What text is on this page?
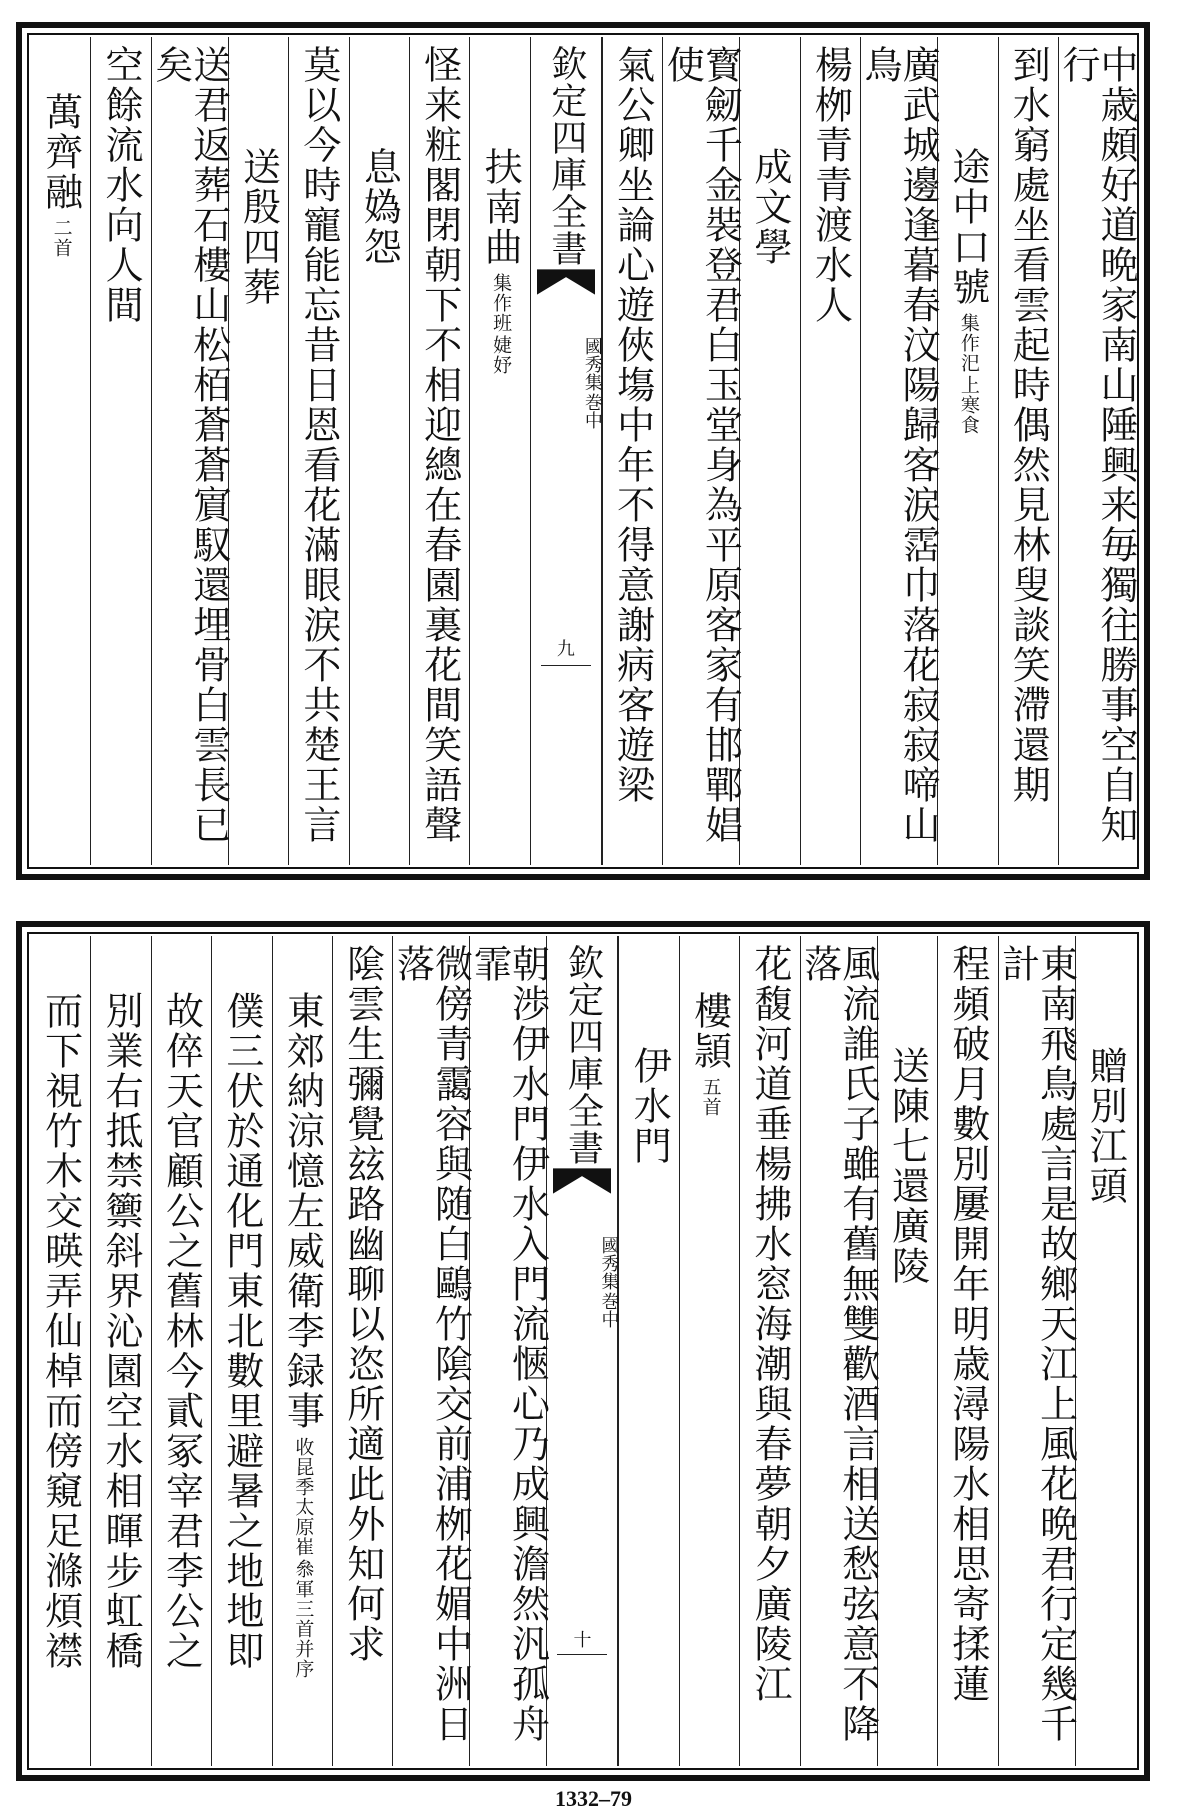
中歳頗好道晩家南山陲興来毎獨往勝事空自知行
到水窮處坐看雲起時偶然見林叟談笑滯還期
途中口號
集作汜
上寒食
廣武城邊逢暮春汶陽歸客涙霑巾落花寂寂啼山鳥
楊栁青青渡水人
成文學
寳劒千金裝登君白玉堂身為平原客家有邯鄲娼使
氣公卿坐論心遊俠塲中年不得意謝病客遊梁
欽定四庫全書
國秀集
巻中
九
扶南曲
集作班
婕妤
怪来粧閣閉朝下不相迎總在春園裏花間笑語聲
息媯怨
莫以今時寵能忘昔日恩看花滿眼涙不共楚王言
送殷四葬
送君返葬石樓山松栢蒼蒼賔馭還埋骨白雲長已矣
空餘流水向人間
萬齊融
二首
贈別江頭
東南飛鳥處言是故鄉天江上風花晩君行定幾千計
程頻破月數別屢開年明歳潯陽水相思寄揉蓮
送陳七還廣陵
風流誰氏子雖有舊無雙歡酒言相送愁弦意不降落
花馥河道垂楊拂水窓海潮與春夢朝夕廣陵江
樓頴
五首
伊水門
欽定四庫全書
國秀集
巻中
十
朝渉伊水門伊水入門流愜心乃成興澹然汎孤舟霏
微傍青靄容與随白鷗竹隂交前浦栁花媚中洲日落
隂雲生彌覺玆路幽聊以恣所適此外知何求
東郊納涼憶左威衛李録事
收昆季太原崔
叅軍三首并序
僕三伏於通化門東北數里避暑之地地即
故倅天官顧公之舊林今貳冢宰君李公之
別業右抵禁籞斜界沁園空水相暉步虹橋
而下視竹木交暎弄仙棹而傍窺足滌煩襟
1332–79
